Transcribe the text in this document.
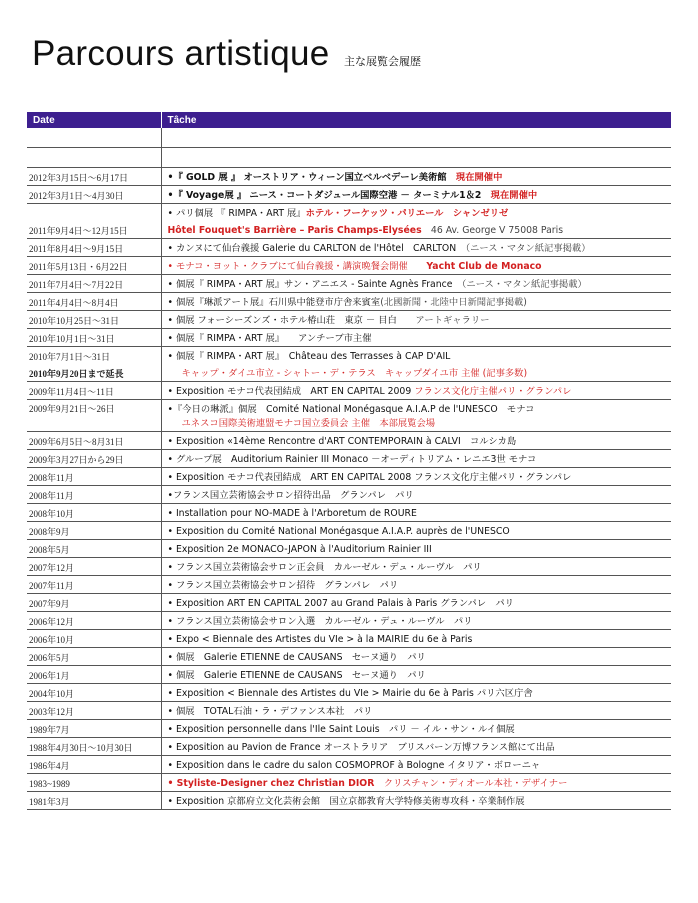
Parcours artistique 主な展覧会履歴
Date	Tâche

2012年3月15日～6月17日	•『 GOLD 展 』 オーストリア・ウィーン国立ベルベデーレ美術館　 現在開催中
2012年3月1日～4月30日	•『 Voyage展 』 ニース・コートダジュール国際空港 － ターミナル1＆2　 現在開催中
	• パリ個展 『 RIMPA・ART 展』ホテル・フーケッツ・パリエール　シャンゼリゼ
2011年9月4日～12月15日	Hôtel Fouquet's Barrière – Paris Champs-Elysées　 46 Av. George V 75008 Paris
2011年8月4日～9月15日	• カンヌにて仙台義援 Galerie du CARLTON de l'Hôtel　CARLTON　 （ニース・マタン紙記事掲載）
2011年5月13日・6月22日	• モナコ・ヨット・クラブにて仙台義援・講演晩餐会開催　　 Yacht Club de Monaco
2011年7月4日～7月22日	• 個展『 RIMPA・ART 展』サン・アニエス - Sainte Agnès France　 （ニース・マタン紙記事掲載）
2011年4月4日～8月4日	• 個展『琳派アート展』石川県中能登市庁舎来賓室(北國新聞・北陸中日新聞記事掲載)
2010年10月25日～31日	• 個展 フォーシーズンズ・ホテル椿山荘　東京 － 目白　　 アートギャラリー
2010年10月1日～31日	• 個展『 RIMPA・ART 展』　　アンチーブ市主催
2010年7月1日～31日	• 個展『 RIMPA・ART 展』　Château des Terrasses à CAP D'AIL
2010年9月20日まで延長	キャップ・ダイユ市立 - シャトー・デ・テラス　キャップダイユ市 主催 (記事多数)

2009年11月4日～11日	• Exposition モナコ代表団結成　ART EN CAPITAL 2009 フランス文化庁主催パリ・グランパレ
2009年9月21日～26日	•『今日の琳派』個展　Comité National Monégasque A.I.A.P de l'UNESCO　モナコ
ユネスコ国際美術連盟モナコ国立委員会 主催　本部展覧会場

2009年6月5日～8月31日	• Exposition «14ème Rencontre d'ART CONTEMPORAIN à CALVI　コルシカ島
2009年3月27日から29日	• グループ展　Auditorium Rainier III Monaco －オーディトリアム・レニエ3世 モナコ
2008年11月	• Exposition モナコ代表団結成　ART EN CAPITAL 2008 フランス文化庁主催パリ・グランパレ
2008年11月	•フランス国立芸術協会サロン招待出品　グランパレ　パリ
2008年10月	• Installation pour NO-MADE à l'Arboretum de ROURE
2008年9月	• Exposition du Comité National Monégasque A.I.A.P. auprès de l'UNESCO
2008年5月	• Exposition 2e MONACO-JAPON à l'Auditorium Rainier III
2007年12月	• フランス国立芸術協会サロン正会員　カルーゼル・デュ・ルーヴル　パリ
2007年11月	• フランス国立芸術協会サロン招待　グランパレ　パリ
2007年9月	• Exposition ART EN CAPITAL 2007 au Grand Palais à Paris グランパレ　パリ
2006年12月	• フランス国立芸術協会サロン入選　カルーゼル・デュ・ルーヴル　パリ
2006年10月	• Expo < Biennale des Artistes du VIe > à la MAIRIE du 6e à Paris
2006年5月	• 個展　Galerie ETIENNE de CAUSANS　セーヌ通り　パリ
2006年1月	• 個展　Galerie ETIENNE de CAUSANS　セーヌ通り　パリ
2004年10月	• Exposition < Biennale des Artistes du VIe > Mairie du 6e à Paris パリ六区庁舎
2003年12月	• 個展　TOTAL石油・ラ・デファンス本社　パリ
1989年7月	• Exposition personnelle dans l'Ile Saint Louis　パリ － イル・サン・ルイ個展
1988年4月30日～10月30日	• Exposition au Pavion de France オーストラリア　ブリスバーン万博フランス館にて出品
1986年4月	• Exposition dans le cadre du salon COSMOPROF à Bologne イタリア・ボローニャ
1983~1989	• Styliste-Designer chez Christian DIOR　 クリスチャン・ディオール本社・デザイナー
1981年3月	• Exposition 京都府立文化芸術会館　国立京都教育大学特修美術専攻科・卒業制作展
